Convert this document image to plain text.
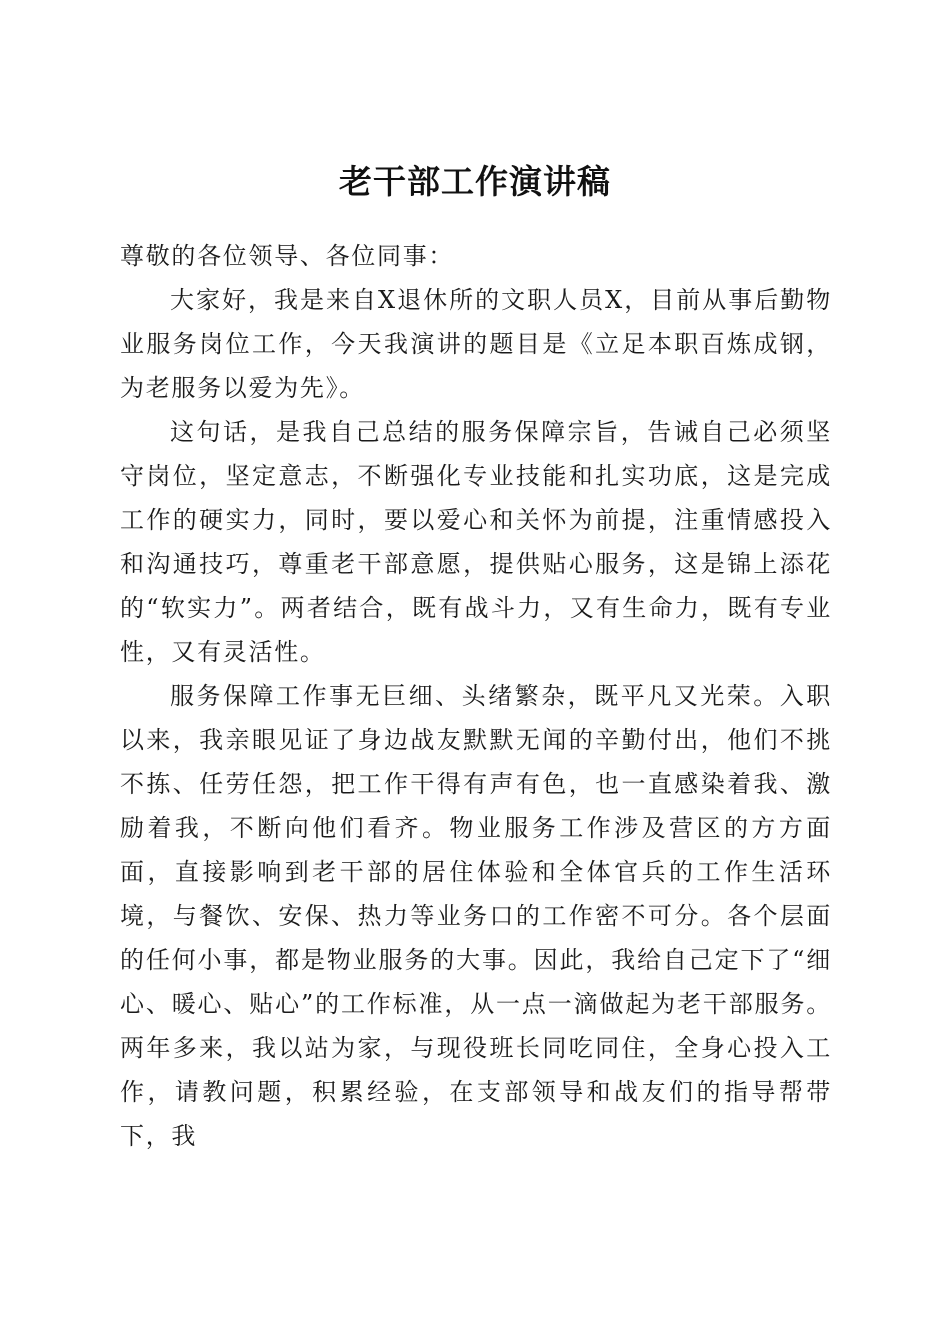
老干部工作演讲稿

尊敬的各位领导、各位同事：

大家好，我是来自X退休所的文职人员X，目前从事后勤物业服务岗位工作，今天我演讲的题目是《立足本职百炼成钢，为老服务以爱为先》。

这句话，是我自己总结的服务保障宗旨，告诫自己必须坚守岗位，坚定意志，不断强化专业技能和扎实功底，这是完成工作的硬实力，同时，要以爱心和关怀为前提，注重情感投入和沟通技巧，尊重老干部意愿，提供贴心服务，这是锦上添花的“软实力”。两者结合，既有战斗力，又有生命力，既有专业性，又有灵活性。

服务保障工作事无巨细、头绪繁杂，既平凡又光荣。入职以来，我亲眼见证了身边战友默默无闻的辛勤付出，他们不挑不拣、任劳任怨，把工作干得有声有色，也一直感染着我、激励着我，不断向他们看齐。物业服务工作涉及营区的方方面面，直接影响到老干部的居住体验和全体官兵的工作生活环境，与餐饮、安保、热力等业务口的工作密不可分。各个层面的任何小事，都是物业服务的大事。因此，我给自己定下了“细心、暖心、贴心”的工作标准，从一点一滴做起为老干部服务。两年多来，我以站为家，与现役班长同吃同住，全身心投入工作，请教问题，积累经验，在支部领导和战友们的指导帮带下，我
